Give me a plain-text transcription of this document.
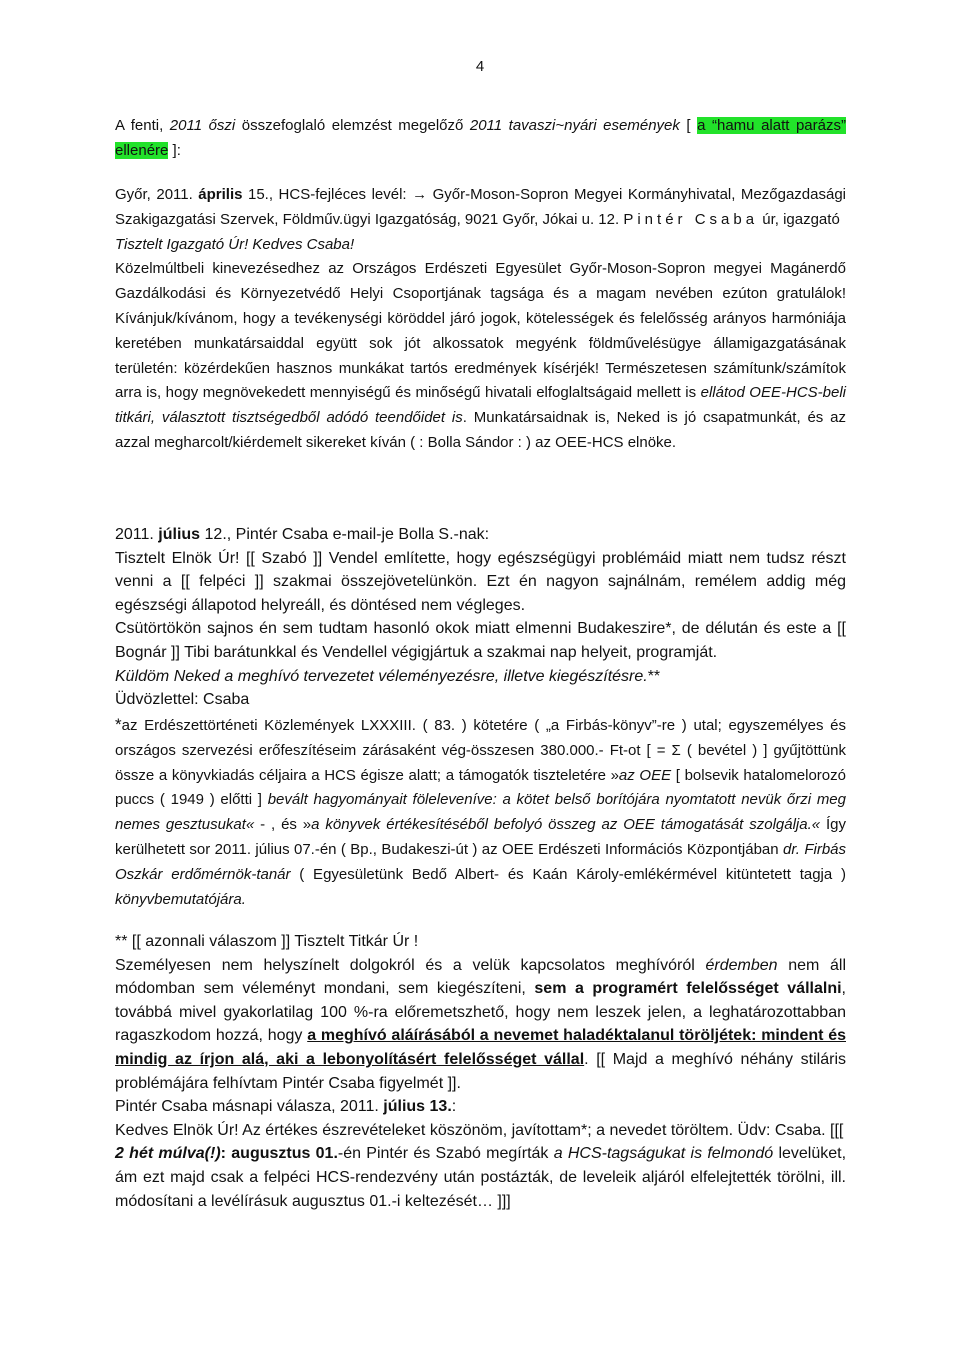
4

A fenti, 2011 őszi összefoglaló elemzést megelőző 2011 tavaszi~nyári események [ a “hamu alatt parázs” ellenére ]:

Győr, 2011. április 15., HCS-fejléces levél: → Győr-Moson-Sopron Megyei Kormányhivatal, Mezőgazdasági Szakigazgatási Szervek, Földműv.ügyi Igazgatóság, 9021 Győr, Jókai u. 12. Pintér Csaba úr, igazgató

Tisztelt Igazgató Úr! Kedves Csaba!

Közelmúltbeli kinevezésedhez az Országos Erdészeti Egyesület Győr-Moson-Sopron megyei Magánerdő Gazdálkodási és Környezetvédő Helyi Csoportjának tagsága és a magam nevében ezúton gratulálok! Kívánjuk/kívánom, hogy a tevékenységi köröddel járó jogok, kötelességek és felelősség arányos harmóniája keretében munkatársaiddal együtt sok jót alkossatok megyénk földművelésügye államigazgatásának területén: közérdekűen hasznos munkákat tartós eredmények kísérjék! Természetesen számítunk/számítok arra is, hogy megnövekedett mennyiségű és minőségű hivatali elfoglaltságaid mellett is ellátod OEE-HCS-beli titkári, választott tisztségedből adódó teendőidet is. Munkatársaidnak is, Neked is jó csapatmunkát, és az azzal megharcolt/kiérdemelt sikereket kíván ( : Bolla Sándor : ) az OEE-HCS elnöke.

2011. július 12., Pintér Csaba e-mail-je Bolla S.-nak:

Tisztelt Elnök Úr! [[ Szabó ]] Vendel említette, hogy egészségügyi problémáid miatt nem tudsz részt venni a [[ felpéci ]] szakmai összejövetelünkön. Ezt én nagyon sajnálnám, remélem addig még egészségi állapotod helyreáll, és döntésed nem végleges.

Csütörtökön sajnos én sem tudtam hasonló okok miatt elmenni Budakeszire*, de délután és este a [[ Bognár ]] Tibi barátunkkal és Vendellel végigjártuk a szakmai nap helyeit, programját.

Küldöm Neked a meghívó tervezetet véleményezésre, illetve kiegészítésre.**

Üdvözlettel: Csaba

*az Erdészettörténeti Közlemények LXXXIII. ( 83. ) kötetére ( „a Firbás-könyv”-re ) utal; egyszemélyes és országos szervezési erőfeszítéseim zárásaként vég-összesen 380.000.- Ft-ot [ = Σ ( bevétel ) ] gyűjtöttünk össze a könyvkiadás céljaira a HCS égisze alatt; a támogatók tiszteletére »az OEE [ bolsevik hatalomelorozó puccs ( 1949 ) előtti ] bevált hagyományait föleleveníve: a kötet belső borítójára nyomtatott nevük őrzi meg nemes gesztusukat« - , és »a könyvek értékesítéséből befolyó összeg az OEE támogatását szolgálja.« Így kerülhetett sor 2011. július 07.-én ( Bp., Budakeszi-út ) az OEE Erdészeti Információs Központjában dr. Firbás Oszkár erdőmérnök-tanár ( Egyesületünk Bedő Albert- és Kaán Károly-emlékérmével kitüntetett tagja ) könyvbemutatójára.

** [[ azonnali válaszom ]] Tisztelt Titkár Úr !

Személyesen nem helyszínelt dolgokról és a velük kapcsolatos meghívóról érdemben nem áll módomban sem véleményt mondani, sem kiegészíteni, sem a programért felelősséget vállalni, továbbá mivel gyakorlatilag 100 %-ra előremetszhető, hogy nem leszek jelen, a leghatározottabban ragaszkodom hozzá, hogy a meghívó aláírásából a nevemet haladéktalanul töröljétek: mindent és mindig az írjon alá, aki a lebonyolításért felelősséget vállal. [[ Majd a meghívó néhány stiláris problémájára felhívtam Pintér Csaba figyelmét ]].

Pintér Csaba másnapi válasza, 2011. július 13.:

Kedves Elnök Úr! Az értékes észrevételeket köszönöm, javítottam*; a nevedet töröltem. Üdv: Csaba. [[[

2 hét múlva(!): augusztus 01.-én Pintér és Szabó megírták a HCS-tagságukat is felmondó levelüket, ám ezt majd csak a felpéci HCS-rendezvény után postázták, de leveleik aljáról elfelejtették törölni, ill. módosítani a levélírásuk augusztus 01.-i keltezését… ]]]
